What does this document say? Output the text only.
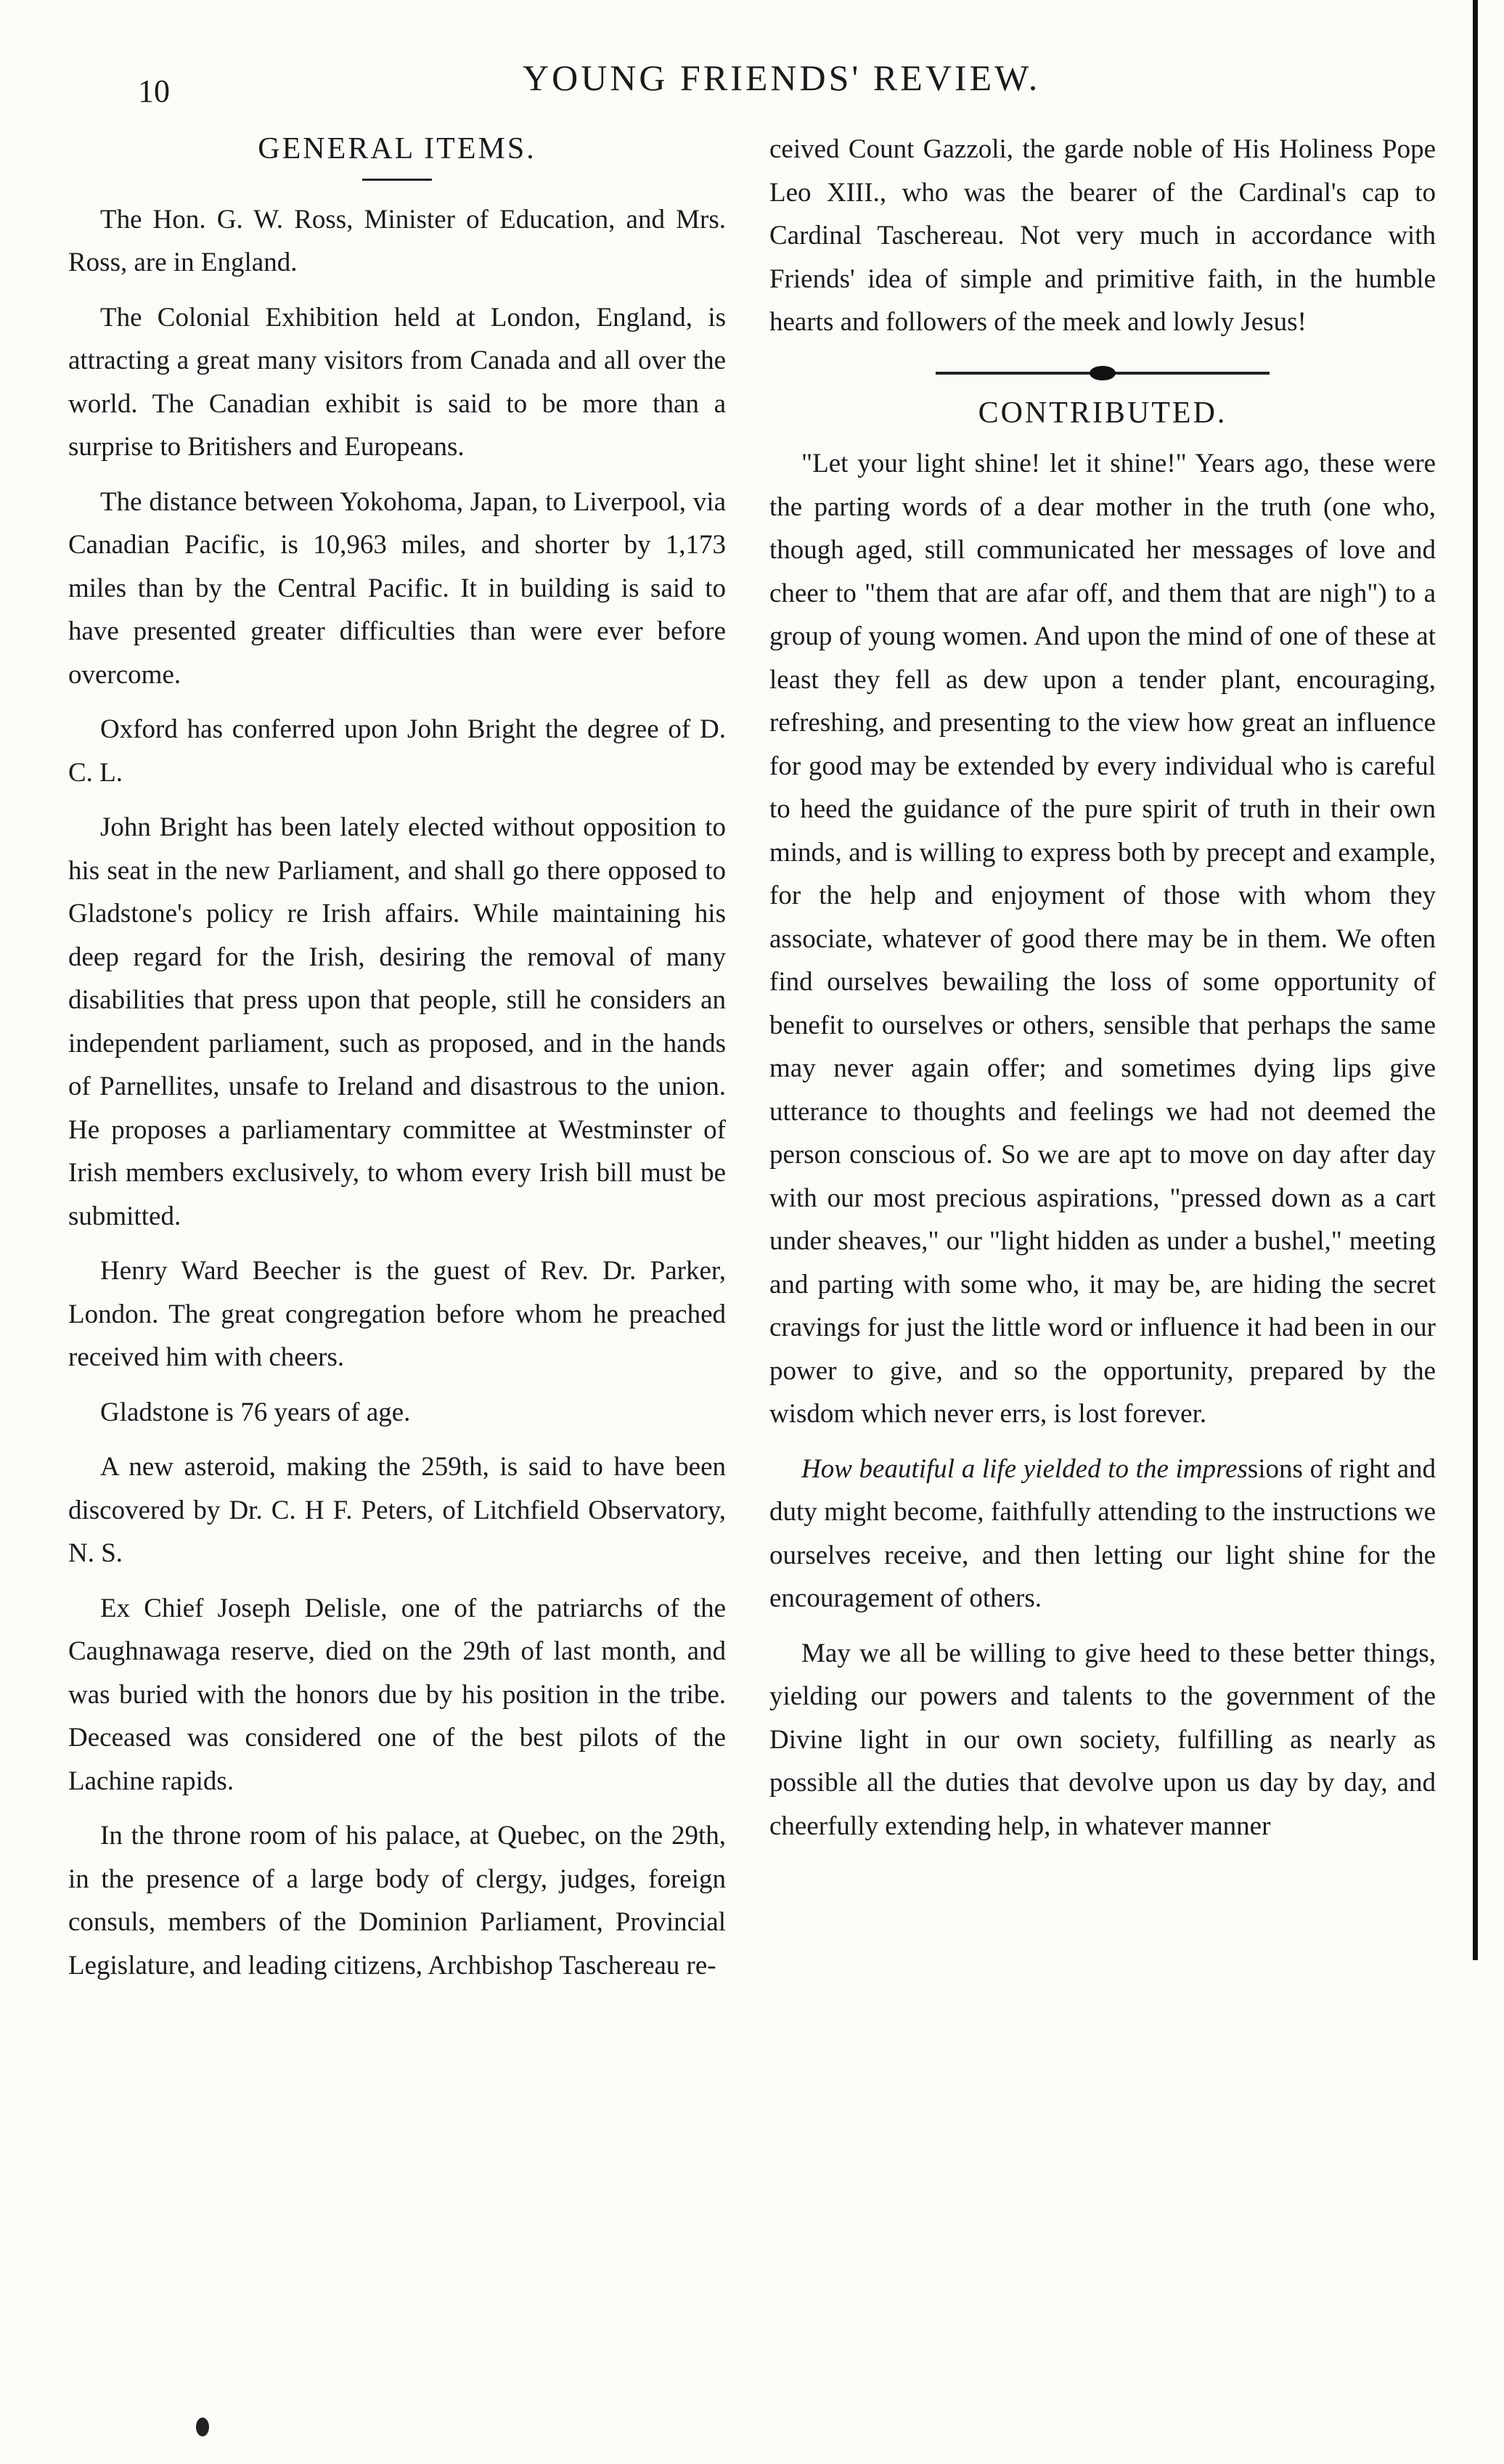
10	YOUNG FRIENDS' REVIEW.
GENERAL ITEMS.

The Hon. G. W. Ross, Minister of Education, and Mrs. Ross, are in England.

The Colonial Exhibition held at London, England, is attracting a great many visitors from Canada and all over the world. The Canadian exhibit is said to be more than a surprise to Britishers and Europeans.

The distance between Yokohoma, Japan, to Liverpool, via Canadian Pacific, is 10,963 miles, and shorter by 1,173 miles than by the Central Pacific. It in building is said to have presented greater difficulties than were ever before overcome.

Oxford has conferred upon John Bright the degree of D. C. L.

John Bright has been lately elected without opposition to his seat in the new Parliament, and shall go there opposed to Gladstone's policy re Irish affairs. While maintaining his deep regard for the Irish, desiring the removal of many disabilities that press upon that people, still he considers an independent parliament, such as proposed, and in the hands of Parnellites, unsafe to Ireland and disastrous to the union. He proposes a parliamentary committee at Westminster of Irish members exclusively, to whom every Irish bill must be submitted.

Henry Ward Beecher is the guest of Rev. Dr. Parker, London. The great congregation before whom he preached received him with cheers.

Gladstone is 76 years of age.

A new asteroid, making the 259th, is said to have been discovered by Dr. C. H F. Peters, of Litchfield Observatory, N. S.

Ex Chief Joseph Delisle, one of the patriarchs of the Caughnawaga reserve, died on the 29th of last month, and was buried with the honors due by his position in the tribe. Deceased was considered one of the best pilots of the Lachine rapids.

In the throne room of his palace, at Quebec, on the 29th, in the presence of a large body of clergy, judges, foreign consuls, members of the Dominion Parliament, Provincial Legislature, and leading citizens, Archbishop Taschereau re-

ceived Count Gazzoli, the garde noble of His Holiness Pope Leo XIII., who was the bearer of the Cardinal's cap to Cardinal Taschereau. Not very much in accordance with Friends' idea of simple and primitive faith, in the humble hearts and followers of the meek and lowly Jesus!

CONTRIBUTED.

"Let your light shine! let it shine!" Years ago, these were the parting words of a dear mother in the truth (one who, though aged, still communicated her messages of love and cheer to "them that are afar off, and them that are nigh") to a group of young women. And upon the mind of one of these at least they fell as dew upon a tender plant, encouraging, refreshing, and presenting to the view how great an influence for good may be extended by every individual who is careful to heed the guidance of the pure spirit of truth in their own minds, and is willing to express both by precept and example, for the help and enjoyment of those with whom they associate, whatever of good there may be in them. We often find ourselves bewailing the loss of some opportunity of benefit to ourselves or others, sensible that perhaps the same may never again offer; and sometimes dying lips give utterance to thoughts and feelings we had not deemed the person conscious of. So we are apt to move on day after day with our most precious aspirations, "pressed down as a cart under sheaves," our "light hidden as under a bushel," meeting and parting with some who, it may be, are hiding the secret cravings for just the little word or influence it had been in our power to give, and so the opportunity, prepared by the wisdom which never errs, is lost forever.

How beautiful a life yielded to the impressions of right and duty might become, faithfully attending to the instructions we ourselves receive, and then letting our light shine for the encouragement of others.

May we all be willing to give heed to these better things, yielding our powers and talents to the government of the Divine light in our own society, fulfilling as nearly as possible all the duties that devolve upon us day by day, and cheerfully extending help, in whatever manner
